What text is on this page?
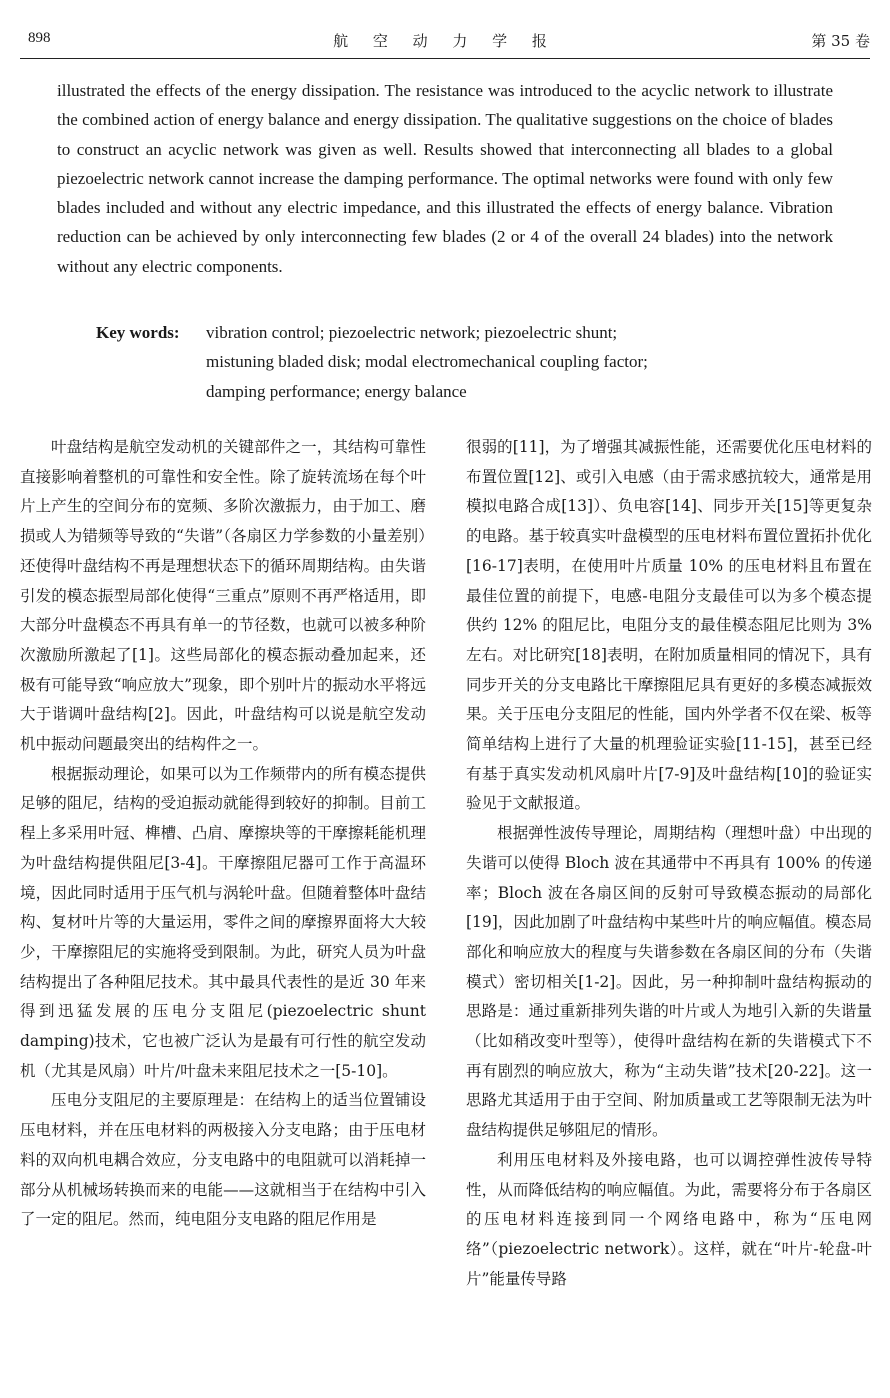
898	航 空 动 力 学 报	第 35 卷
illustrated the effects of the energy dissipation. The resistance was introduced to the acyclic network to illustrate the combined action of energy balance and energy dissipation. The qualitative suggestions on the choice of blades to construct an acyclic network was given as well. Results showed that interconnecting all blades to a global piezoelectric network cannot increase the damping performance. The optimal networks were found with only few blades included and without any electric impedance, and this illustrated the effects of energy balance. Vibration reduction can be achieved by only interconnecting few blades (2 or 4 of the overall 24 blades) into the network without any electric components.
Key words: vibration control; piezoelectric network; piezoelectric shunt;
mistuning bladed disk; modal electromechanical coupling factor;
damping performance; energy balance

叶盘结构是航空发动机的关键部件之一，其结构可靠性直接影响着整机的可靠性和安全性。除了旋转流场在每个叶片上产生的空间分布的宽频、多阶次激振力，由于加工、磨损或人为错频等导致的“失谐”（各扇区力学参数的小量差别）还使得叶盘结构不再是理想状态下的循环周期结构。由失谐引发的模态振型局部化使得“三重点”原则不再严格适用，即大部分叶盘模态不再具有单一的节径数，也就可以被多种阶次激励所激起了[1]。这些局部化的模态振动叠加起来，还极有可能导致“响应放大”现象，即个别叶片的振动水平将远大于谐调叶盘结构[2]。因此，叶盘结构可以说是航空发动机中振动问题最突出的结构件之一。

根据振动理论，如果可以为工作频带内的所有模态提供足够的阻尼，结构的受迫振动就能得到较好的抑制。目前工程上多采用叶冠、榫槽、凸肩、摩擦块等的干摩擦耗能机理为叶盘结构提供阻尼[3-4]。干摩擦阻尼器可工作于高温环境，因此同时适用于压气机与涡轮叶盘。但随着整体叶盘结构、复材叶片等的大量运用，零件之间的摩擦界面将大大较少，干摩擦阻尼的实施将受到限制。为此，研究人员为叶盘结构提出了各种阻尼技术。其中最具代表性的是近 30 年来得到迅猛发展的压电分支阻尼(piezoelectric shunt damping)技术，它也被广泛认为是最有可行性的航空发动机（尤其是风扇）叶片/叶盘未来阻尼技术之一[5-10]。

压电分支阻尼的主要原理是：在结构上的适当位置铺设压电材料，并在压电材料的两极接入分支电路；由于压电材料的双向机电耦合效应，分支电路中的电阻就可以消耗掉一部分从机械场转换而来的电能——这就相当于在结构中引入了一定的阻尼。然而，纯电阻分支电路的阻尼作用是

很弱的[11]，为了增强其减振性能，还需要优化压电材料的布置位置[12]、或引入电感（由于需求感抗较大，通常是用模拟电路合成[13]）、负电容[14]、同步开关[15]等更复杂的电路。基于较真实叶盘模型的压电材料布置位置拓扑优化[16-17]表明，在使用叶片质量 10% 的压电材料且布置在最佳位置的前提下，电感-电阻分支最佳可以为多个模态提供约 12% 的阻尼比，电阻分支的最佳模态阻尼比则为 3% 左右。对比研究[18]表明，在附加质量相同的情况下，具有同步开关的分支电路比干摩擦阻尼具有更好的多模态减振效果。关于压电分支阻尼的性能，国内外学者不仅在梁、板等简单结构上进行了大量的机理验证实验[11-15]，甚至已经有基于真实发动机风扇叶片[7-9]及叶盘结构[10]的验证实验见于文献报道。

根据弹性波传导理论，周期结构（理想叶盘）中出现的失谐可以使得 Bloch 波在其通带中不再具有 100% 的传递率；Bloch 波在各扇区间的反射可导致模态振动的局部化[19]，因此加剧了叶盘结构中某些叶片的响应幅值。模态局部化和响应放大的程度与失谐参数在各扇区间的分布（失谐模式）密切相关[1-2]。因此，另一种抑制叶盘结构振动的思路是：通过重新排列失谐的叶片或人为地引入新的失谐量（比如稍改变叶型等），使得叶盘结构在新的失谐模式下不再有剧烈的响应放大，称为“主动失谐”技术[20-22]。这一思路尤其适用于由于空间、附加质量或工艺等限制无法为叶盘结构提供足够阻尼的情形。

利用压电材料及外接电路，也可以调控弹性波传导特性，从而降低结构的响应幅值。为此，需要将分布于各扇区的压电材料连接到同一个网络电路中，称为“压电网络”（piezoelectric network）。这样，就在“叶片-轮盘-叶片”能量传导路
